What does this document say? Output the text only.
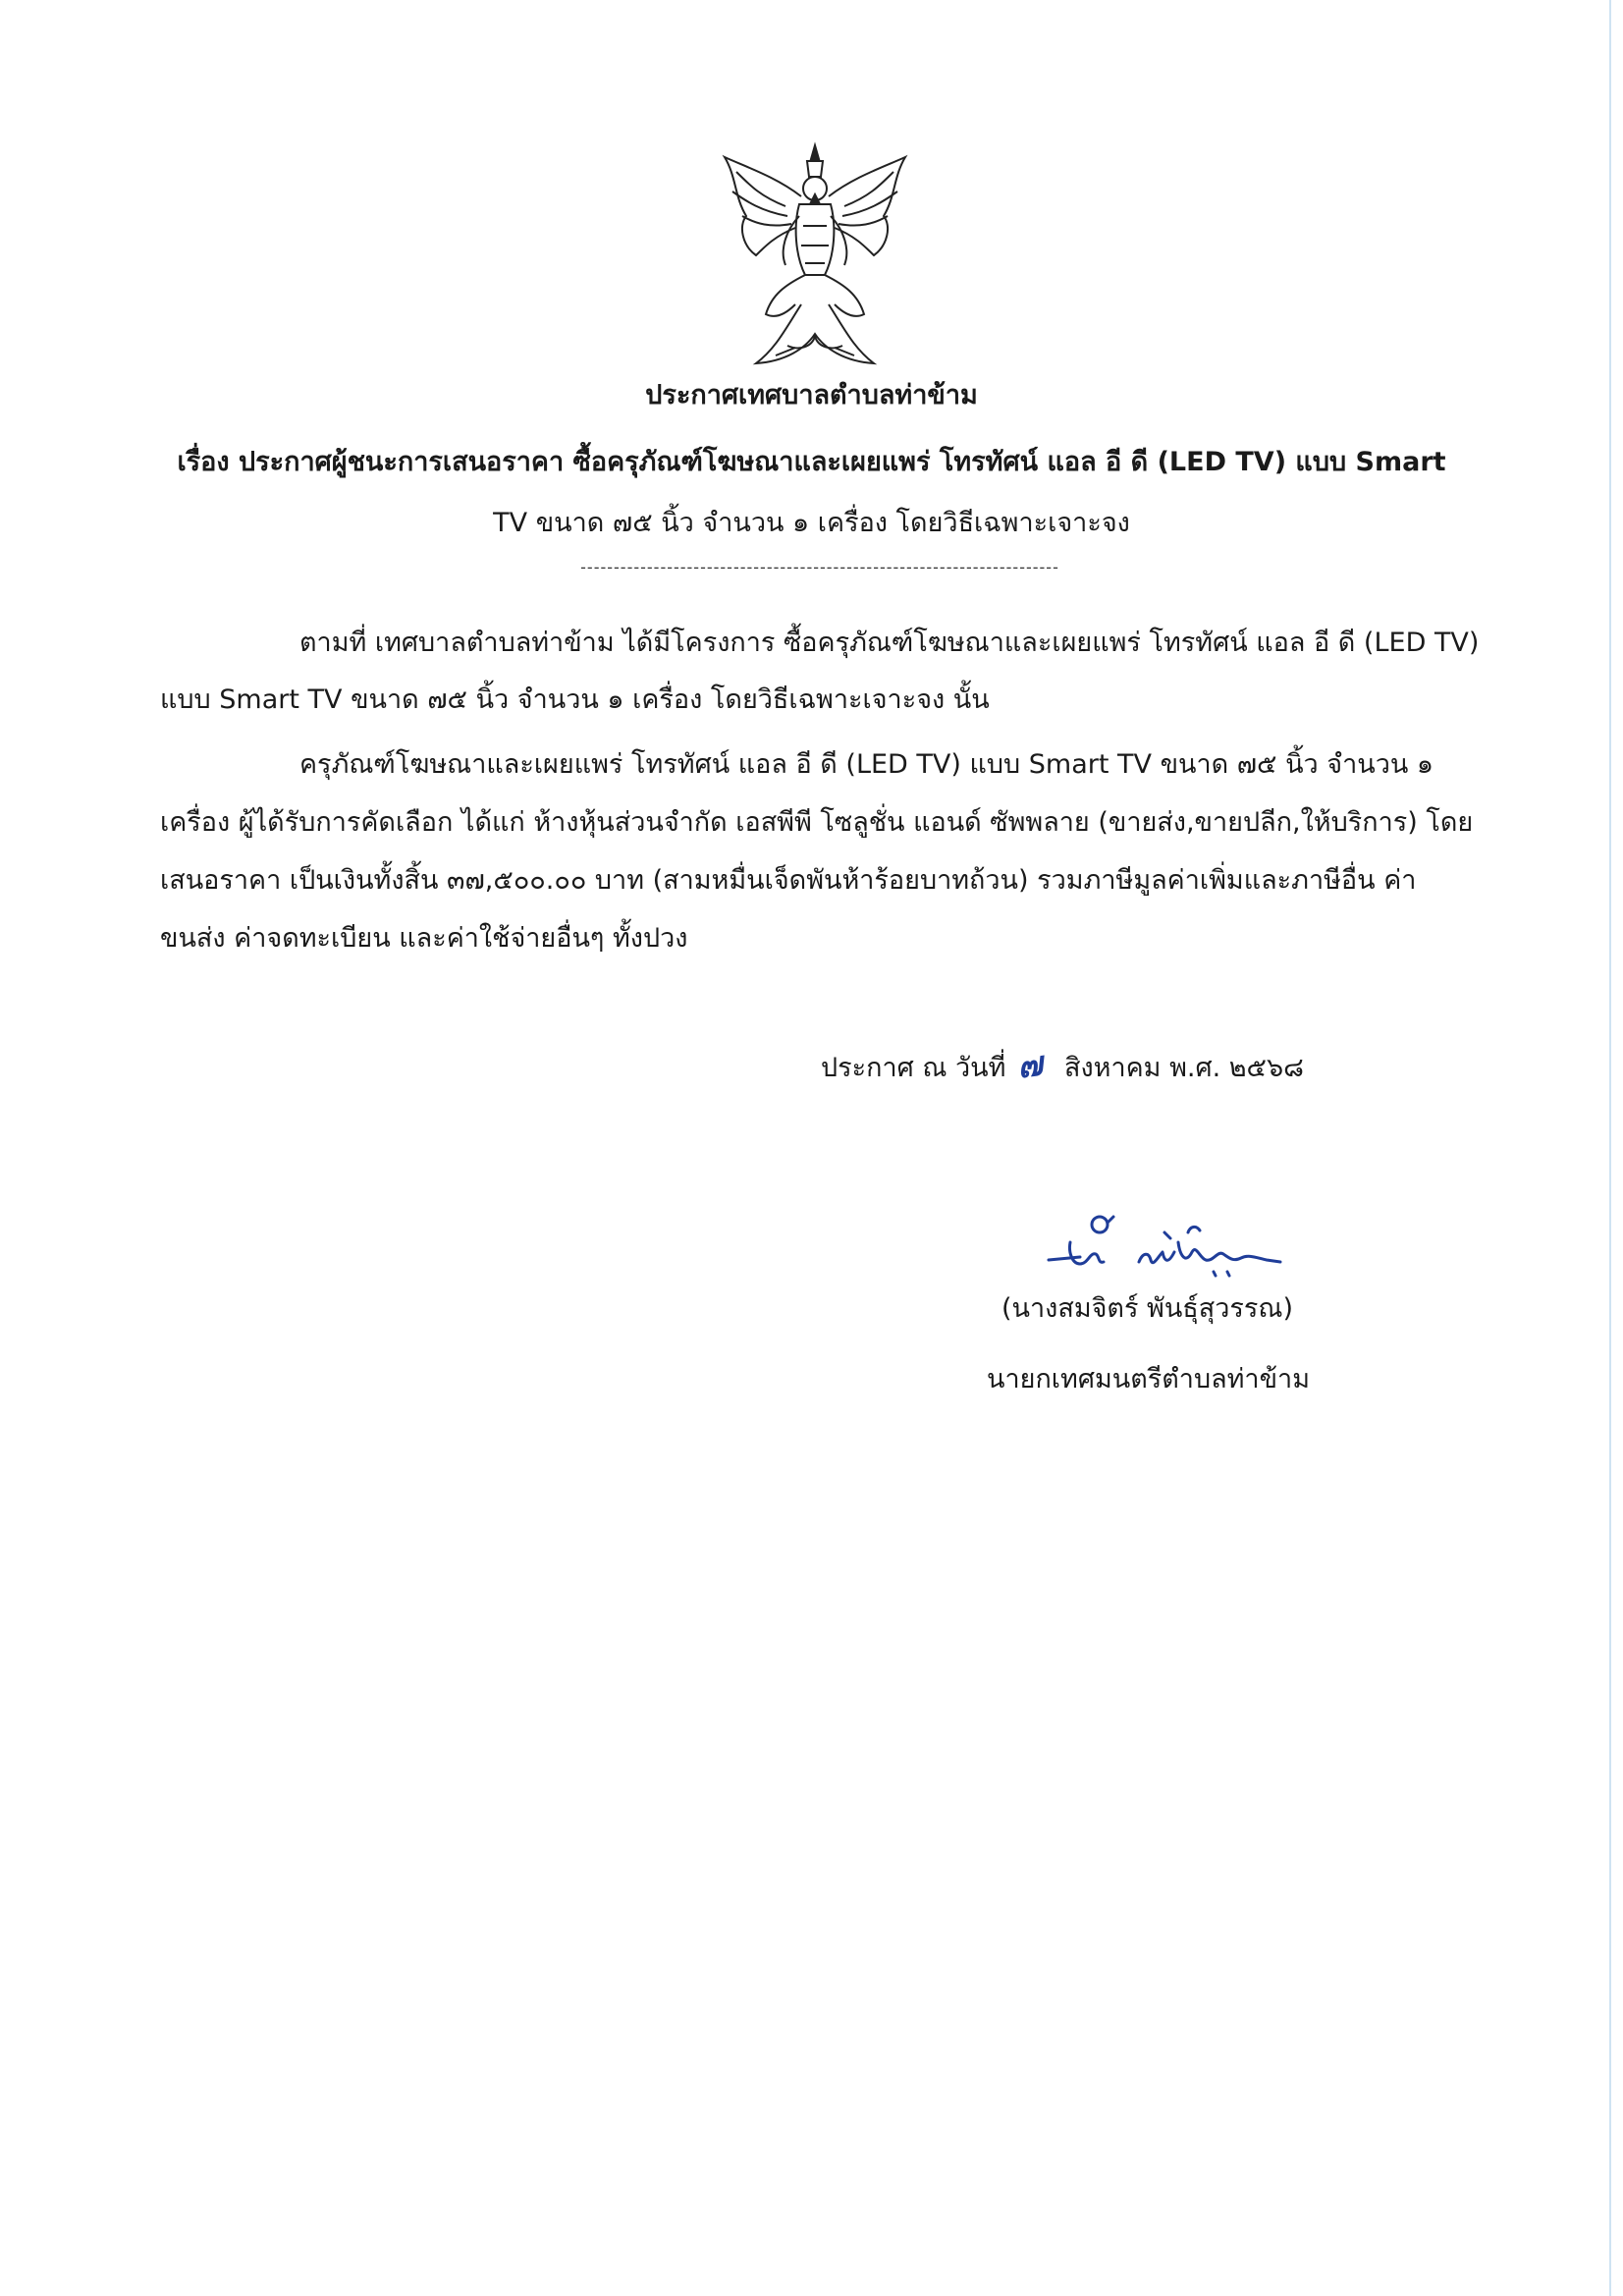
ประกาศเทศบาลตำบลท่าข้าม
เรื่อง ประกาศผู้ชนะการเสนอราคา ซื้อครุภัณฑ์โฆษณาและเผยแพร่ โทรทัศน์ แอล อี ดี (LED TV) แบบ Smart
TV ขนาด ๗๕ นิ้ว จำนวน ๑ เครื่อง โดยวิธีเฉพาะเจาะจง
------------------------------------------------------------------------
ตามที่ เทศบาลตำบลท่าข้าม ได้มีโครงการ ซื้อครุภัณฑ์โฆษณาและเผยแพร่ โทรทัศน์ แอล อี ดี (LED TV)
แบบ Smart TV ขนาด ๗๕ นิ้ว จำนวน ๑ เครื่อง โดยวิธีเฉพาะเจาะจง นั้น
ครุภัณฑ์โฆษณาและเผยแพร่ โทรทัศน์ แอล อี ดี (LED TV) แบบ Smart TV ขนาด ๗๕ นิ้ว จำนวน ๑
เครื่อง ผู้ได้รับการคัดเลือก ได้แก่ ห้างหุ้นส่วนจำกัด เอสพีพี โซลูชั่น แอนด์ ซัพพลาย (ขายส่ง,ขายปลีก,ให้บริการ) โดย
เสนอราคา เป็นเงินทั้งสิ้น ๓๗,๕๐๐.๐๐ บาท (สามหมื่นเจ็ดพันห้าร้อยบาทถ้วน) รวมภาษีมูลค่าเพิ่มและภาษีอื่น ค่า
ขนส่ง ค่าจดทะเบียน และค่าใช้จ่ายอื่นๆ ทั้งปวง
ประกาศ ณ วันที่ ๗ สิงหาคม พ.ศ. ๒๕๖๘
(นางสมจิตร์ พันธุ์สุวรรณ)
นายกเทศมนตรีตำบลท่าข้าม
